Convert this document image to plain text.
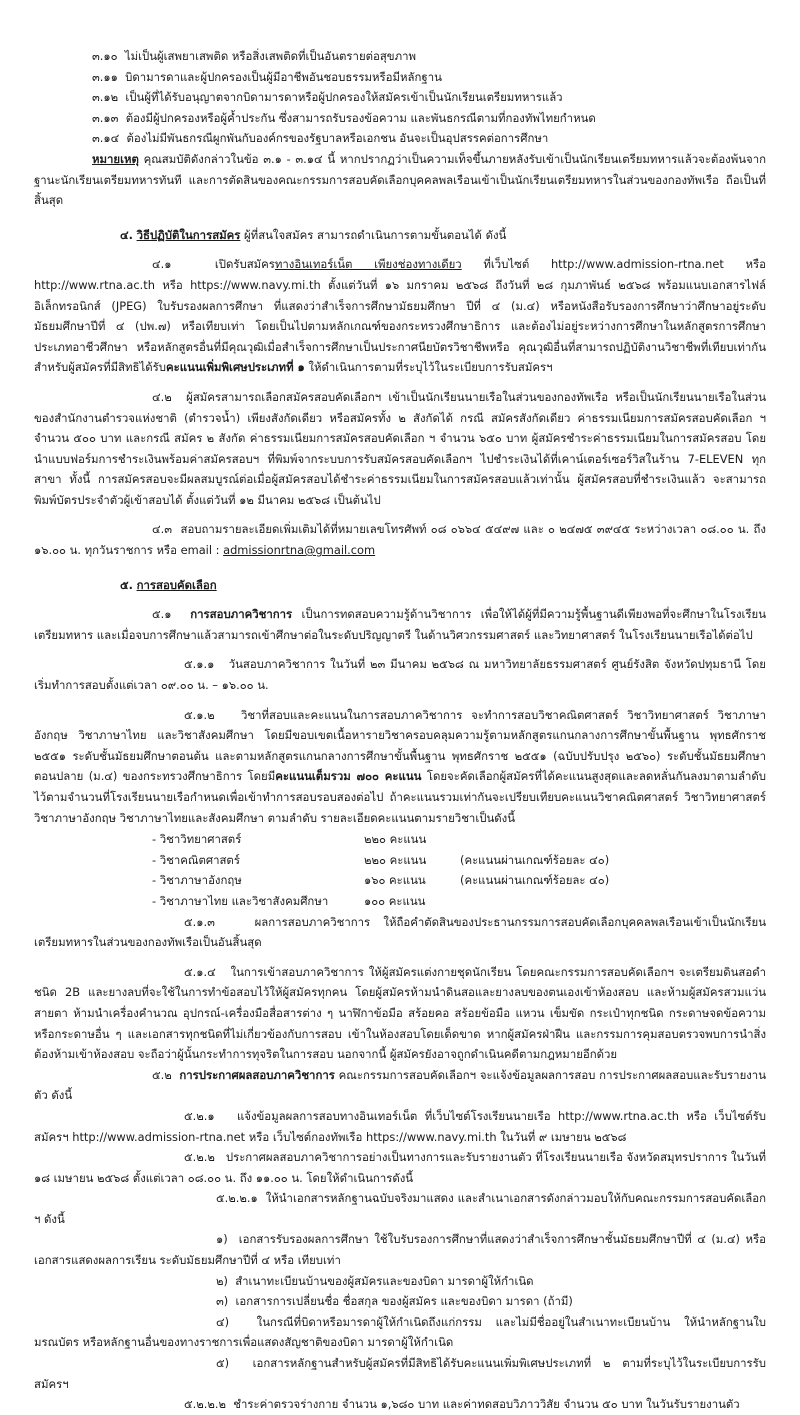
๓.๑๐ ไม่เป็นผู้เสพยาเสพติด หรือสิ่งเสพติดที่เป็นอันตรายต่อสุขภาพ

๓.๑๑ บิดามารดาและผู้ปกครองเป็นผู้มีอาชีพอันชอบธรรมหรือมีหลักฐาน

๓.๑๒ เป็นผู้ที่ได้รับอนุญาตจากบิดามารดาหรือผู้ปกครองให้สมัครเข้าเป็นนักเรียนเตรียมทหารแล้ว

๓.๑๓ ต้องมีผู้ปกครองหรือผู้ค้ำประกัน ซึ่งสามารถรับรองข้อความ และพันธกรณีตามที่กองทัพไทยกำหนด

๓.๑๔ ต้องไม่มีพันธกรณีผูกพันกับองค์กรของรัฐบาลหรือเอกชน อันจะเป็นอุปสรรคต่อการศึกษา

หมายเหตุ คุณสมบัติดังกล่าวในข้อ ๓.๑ - ๓.๑๔ นี้ หากปรากฏว่าเป็นความเท็จขึ้นภายหลังรับเข้าเป็นนักเรียนเตรียมทหารแล้วจะต้องพ้นจากฐานะนักเรียนเตรียมทหารทันที และการตัดสินของคณะกรรมการสอบคัดเลือกบุคคลพลเรือนเข้าเป็นนักเรียนเตรียมทหารในส่วนของกองทัพเรือ ถือเป็นที่สิ้นสุด

๔. วิธีปฏิบัติในการสมัคร ผู้ที่สนใจสมัคร สามารถดำเนินการตามขั้นตอนได้ ดังนี้

๔.๑	เปิดรับสมัครทางอินเทอร์เน็ต เพียงช่องทางเดียว ที่เว็บไซต์ http://www.admission-rtna.net หรือ http://www.rtna.ac.th หรือ https://www.navy.mi.th ตั้งแต่วันที่ ๑๖ มกราคม ๒๕๖๘ ถึงวันที่ ๒๘ กุมภาพันธ์ ๒๕๖๘ พร้อมแนบเอกสารไฟล์อิเล็กทรอนิกส์ (JPEG) ใบรับรองผลการศึกษา ที่แสดงว่าสำเร็จการศึกษามัธยมศึกษา ปีที่ ๔ (ม.๔) หรือหนังสือรับรองการศึกษาว่าศึกษาอยู่ระดับมัธยมศึกษาปีที่ ๔ (ปพ.๗) หรือเทียบเท่า โดยเป็นไปตามหลักเกณฑ์ของกระทรวงศึกษาธิการ และต้องไม่อยู่ระหว่างการศึกษาในหลักสูตรการศึกษาประเภทอาชีวศึกษา หรือหลักสูตรอื่นที่มีคุณวุฒิเมื่อสำเร็จการศึกษาเป็นประกาศนียบัตรวิชาชีพหรือ คุณวุฒิอื่นที่สามารถปฏิบัติงานวิชาชีพที่เทียบเท่ากัน สำหรับผู้สมัครที่มีสิทธิได้รับคะแนนเพิ่มพิเศษประเภทที่ ๑ ให้ดำเนินการตามที่ระบุไว้ในระเบียบการรับสมัครฯ

๔.๒ ผู้สมัครสามารถเลือกสมัครสอบคัดเลือกฯ เข้าเป็นนักเรียนนายเรือในส่วนของกองทัพเรือ หรือเป็นนักเรียนนายเรือในส่วนของสำนักงานตำรวจแห่งชาติ (ตำรวจน้ำ) เพียงสังกัดเดียว หรือสมัครทั้ง ๒ สังกัดได้ กรณี สมัครสังกัดเดียว ค่าธรรมเนียมการสมัครสอบคัดเลือก ฯ จำนวน ๕๐๐ บาท และกรณี สมัคร ๒ สังกัด ค่าธรรมเนียมการสมัครสอบคัดเลือก ฯ จำนวน ๖๕๐ บาท ผู้สมัครชำระค่าธรรมเนียมในการสมัครสอบ โดยนำแบบฟอร์มการชำระเงินพร้อมค่าสมัครสอบฯ ที่พิมพ์จากระบบการรับสมัครสอบคัดเลือกฯ ไปชำระเงินได้ที่เคาน์เตอร์เซอร์วิสในร้าน 7-ELEVEN ทุกสาขา ทั้งนี้ การสมัครสอบจะมีผลสมบูรณ์ต่อเมื่อผู้สมัครสอบได้ชำระค่าธรรมเนียมในการสมัครสอบแล้วเท่านั้น ผู้สมัครสอบที่ชำระเงินแล้ว จะสามารถพิมพ์บัตรประจำตัวผู้เข้าสอบได้ ตั้งแต่วันที่ ๑๒ มีนาคม ๒๕๖๘ เป็นต้นไป

๔.๓ สอบถามรายละเอียดเพิ่มเติมได้ที่หมายเลขโทรศัพท์ ๐๘ ๐๖๖๔ ๕๔๙๗ และ ๐ ๒๔๗๕ ๓๙๔๕ ระหว่างเวลา ๐๘.๐๐ น. ถึง ๑๖.๐๐ น. ทุกวันราชการ หรือ email : admissionrtna@gmail.com

๕. การสอบคัดเลือก

๕.๑ การสอบภาควิชาการ เป็นการทดสอบความรู้ด้านวิชาการ เพื่อให้ได้ผู้ที่มีความรู้พื้นฐานดีเพียงพอที่จะศึกษาในโรงเรียนเตรียมทหาร และเมื่อจบการศึกษาแล้วสามารถเข้าศึกษาต่อในระดับปริญญาตรี ในด้านวิศวกรรมศาสตร์ และวิทยาศาสตร์ ในโรงเรียนนายเรือได้ต่อไป

๕.๑.๑ วันสอบภาควิชาการ ในวันที่ ๒๓ มีนาคม ๒๕๖๘ ณ มหาวิทยาลัยธรรมศาสตร์ ศูนย์รังสิต จังหวัดปทุมธานี โดยเริ่มทำการสอบตั้งแต่เวลา ๐๙.๐๐ น. – ๑๖.๐๐ น.

๕.๑.๒ วิชาที่สอบและคะแนนในการสอบภาควิชาการ จะทำการสอบวิชาคณิตศาสตร์ วิชาวิทยาศาสตร์ วิชาภาษาอังกฤษ วิชาภาษาไทย และวิชาสังคมศึกษา โดยมีขอบเขตเนื้อหารายวิชาครอบคลุมความรู้ตามหลักสูตรแกนกลางการศึกษาขั้นพื้นฐาน พุทธศักราช ๒๕๕๑ ระดับชั้นมัธยมศึกษาตอนต้น และตามหลักสูตรแกนกลางการศึกษาขั้นพื้นฐาน พุทธศักราช ๒๕๕๑ (ฉบับปรับปรุง ๒๕๖๐) ระดับชั้นมัธยมศึกษาตอนปลาย (ม.๔) ของกระทรวงศึกษาธิการ โดยมีคะแนนเต็มรวม ๗๐๐ คะแนน โดยจะคัดเลือกผู้สมัครที่ได้คะแนนสูงสุดและลดหลั่นกันลงมาตามลำดับไว้ตามจำนวนที่โรงเรียนนายเรือกำหนดเพื่อเข้าทำการสอบรอบสองต่อไป ถ้าคะแนนรวมเท่ากันจะเปรียบเทียบคะแนนวิชาคณิตศาสตร์ วิชาวิทยาศาสตร์ วิชาภาษาอังกฤษ วิชาภาษาไทยและสังคมศึกษา ตามลำดับ รายละเอียดคะแนนตามรายวิชาเป็นดังนี้

- วิชาวิทยาศาสตร์	๒๒๐ คะแนน	
- วิชาคณิตศาสตร์	๒๒๐ คะแนน	(คะแนนผ่านเกณฑ์ร้อยละ ๔๐)
- วิชาภาษาอังกฤษ	๑๖๐ คะแนน	(คะแนนผ่านเกณฑ์ร้อยละ ๔๐)
- วิชาภาษาไทย และวิชาสังคมศึกษา	๑๐๐ คะแนน	

๕.๑.๓	ผลการสอบภาควิชาการ ให้ถือคำตัดสินของประธานกรรมการสอบคัดเลือกบุคคลพลเรือนเข้าเป็นนักเรียนเตรียมทหารในส่วนของกองทัพเรือเป็นอันสิ้นสุด

๕.๑.๔ ในการเข้าสอบภาควิชาการ ให้ผู้สมัครแต่งกายชุดนักเรียน โดยคณะกรรมการสอบคัดเลือกฯ จะเตรียมดินสอดำชนิด 2B และยางลบที่จะใช้ในการทำข้อสอบไว้ให้ผู้สมัครทุกคน โดยผู้สมัครห้ามนำดินสอและยางลบของตนเองเข้าห้องสอบ และห้ามผู้สมัครสวมแว่นสายตา ห้ามนำเครื่องคำนวณ อุปกรณ์-เครื่องมือสื่อสารต่าง ๆ นาฬิกาข้อมือ สร้อยคอ สร้อยข้อมือ แหวน เข็มขัด กระเป๋าทุกชนิด กระดาษจดข้อความ หรือกระดาษอื่น ๆ และเอกสารทุกชนิดที่ไม่เกี่ยวข้องกับการสอบ เข้าในห้องสอบโดยเด็ดขาด หากผู้สมัครฝ่าฝืน และกรรมการคุมสอบตรวจพบการนำสิ่งต้องห้ามเข้าห้องสอบ จะถือว่าผู้นั้นกระทำการทุจริตในการสอบ นอกจากนี้ ผู้สมัครยังอาจถูกดำเนินคดีตามกฎหมายอีกด้วย

๕.๒ การประกาศผลสอบภาควิชาการ คณะกรรมการสอบคัดเลือกฯ จะแจ้งข้อมูลผลการสอบ การประกาศผลสอบและรับรายงานตัว ดังนี้

๕.๒.๑ แจ้งข้อมูลผลการสอบทางอินเทอร์เน็ต ที่เว็บไซต์โรงเรียนนายเรือ http://www.rtna.ac.th หรือ เว็บไซต์รับสมัครฯ http://www.admission-rtna.net หรือ เว็บไซต์กองทัพเรือ https://www.navy.mi.th ในวันที่ ๙ เมษายน ๒๕๖๘

๕.๒.๒ ประกาศผลสอบภาควิชาการอย่างเป็นทางการและรับรายงานตัว ที่โรงเรียนนายเรือ จังหวัดสมุทรปราการ ในวันที่ ๑๘ เมษายน ๒๕๖๘ ตั้งแต่เวลา ๐๘.๐๐ น. ถึง ๑๑.๐๐ น. โดยให้ดำเนินการดังนี้

๕.๒.๒.๑ ให้นำเอกสารหลักฐานฉบับจริงมาแสดง และสำเนาเอกสารดังกล่าวมอบให้กับคณะกรรมการสอบคัดเลือก ฯ ดังนี้

๑) เอกสารรับรองผลการศึกษา ใช้ใบรับรองการศึกษาที่แสดงว่าสำเร็จการศึกษาชั้นมัธยมศึกษาปีที่ ๔ (ม.๔) หรือเอกสารแสดงผลการเรียน ระดับมัธยมศึกษาปีที่ ๔ หรือ เทียบเท่า

๒) สำเนาทะเบียนบ้านของผู้สมัครและของบิดา มารดาผู้ให้กำเนิด

๓) เอกสารการเปลี่ยนชื่อ ชื่อสกุล ของผู้สมัคร และของบิดา มารดา (ถ้ามี)

๔) ในกรณีที่บิดาหรือมารดาผู้ให้กำเนิดถึงแก่กรรม และไม่มีชื่ออยู่ในสำเนาทะเบียนบ้าน ให้นำหลักฐานใบมรณบัตร หรือหลักฐานอื่นของทางราชการเพื่อแสดงสัญชาติของบิดา มารดาผู้ให้กำเนิด

๕) เอกสารหลักฐานสำหรับผู้สมัครที่มีสิทธิได้รับคะแนนเพิ่มพิเศษประเภทที่ ๒ ตามที่ระบุไว้ในระเบียบการรับสมัครฯ

๕.๒.๒.๒ ชำระค่าตรวจร่างกาย จำนวน ๑,๖๘๐ บาท และค่าทดสอบวิภาววิสัย จำนวน ๕๐ บาท ในวันรับรายงานตัว
